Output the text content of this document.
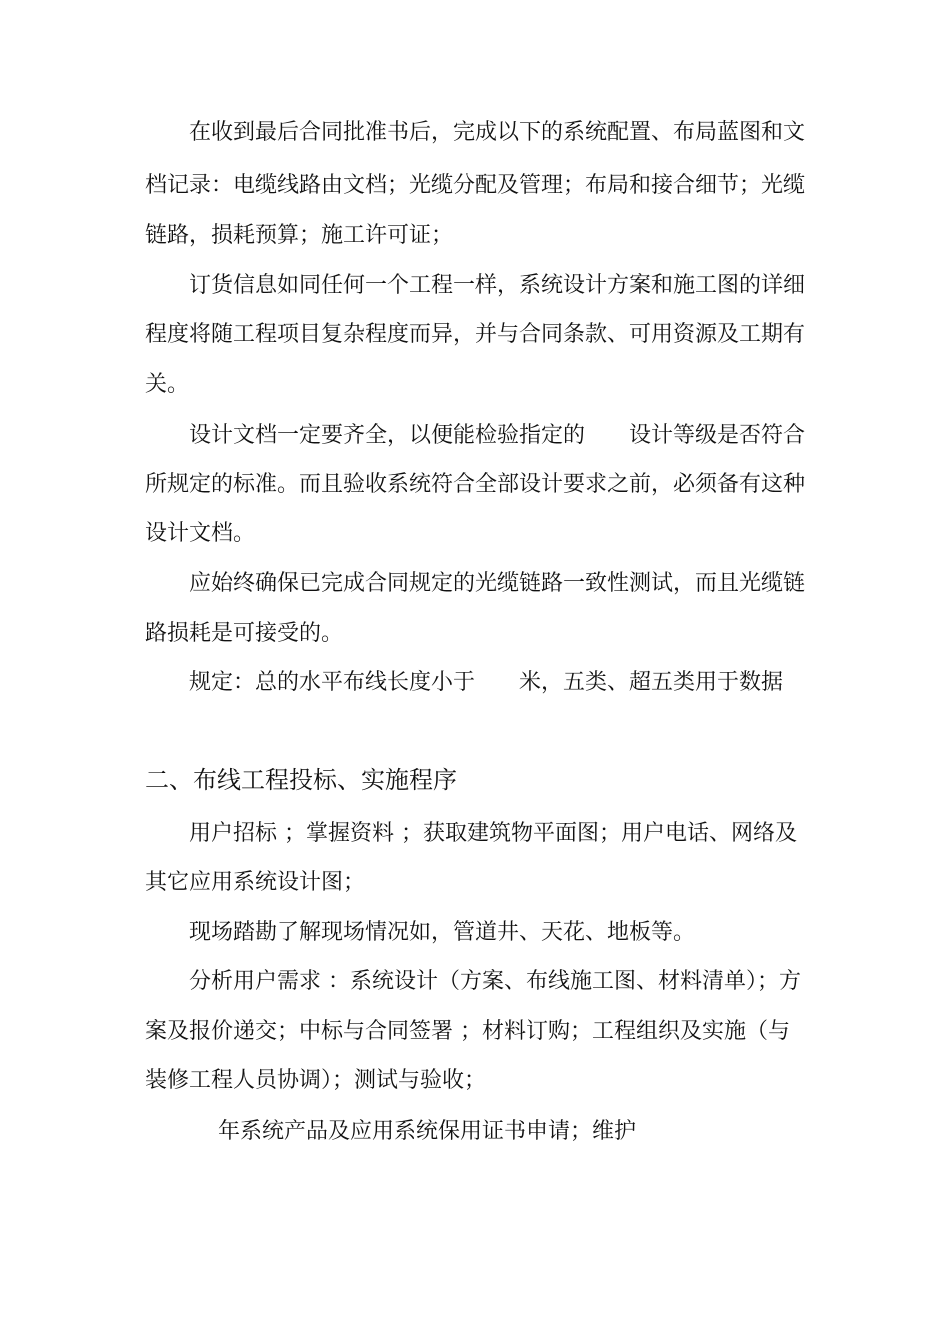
在收到最后合同批准书后，完成以下的系统配置、布局蓝图和文
档记录：电缆线路由文档；光缆分配及管理；布局和接合细节；光缆
链路，损耗预算；施工许可证；
订货信息如同任何一个工程一样，系统设计方案和施工图的详细
程度将随工程项目复杂程度而异，并与合同条款、可用资源及工期有
关。
设计文档一定要齐全，以便能检验指定的　　设计等级是否符合
所规定的标准。而且验收系统符合全部设计要求之前，必须备有这种
设计文档。
应始终确保已完成合同规定的光缆链路一致性测试，而且光缆链
路损耗是可接受的。
规定：总的水平布线长度小于　　米，五类、超五类用于数据
二、布线工程投标、实施程序
用户招标 ；掌握资料 ；获取建筑物平面图；用户电话、网络及
其它应用系统设计图；
现场踏勘了解现场情况如，管道井、天花、地板等。
分析用户需求 ：系统设计（方案、布线施工图、材料清单）；方
案及报价递交；中标与合同签署 ；材料订购；工程组织及实施（与
装修工程人员协调）；测试与验收；
年系统产品及应用系统保用证书申请；维护
